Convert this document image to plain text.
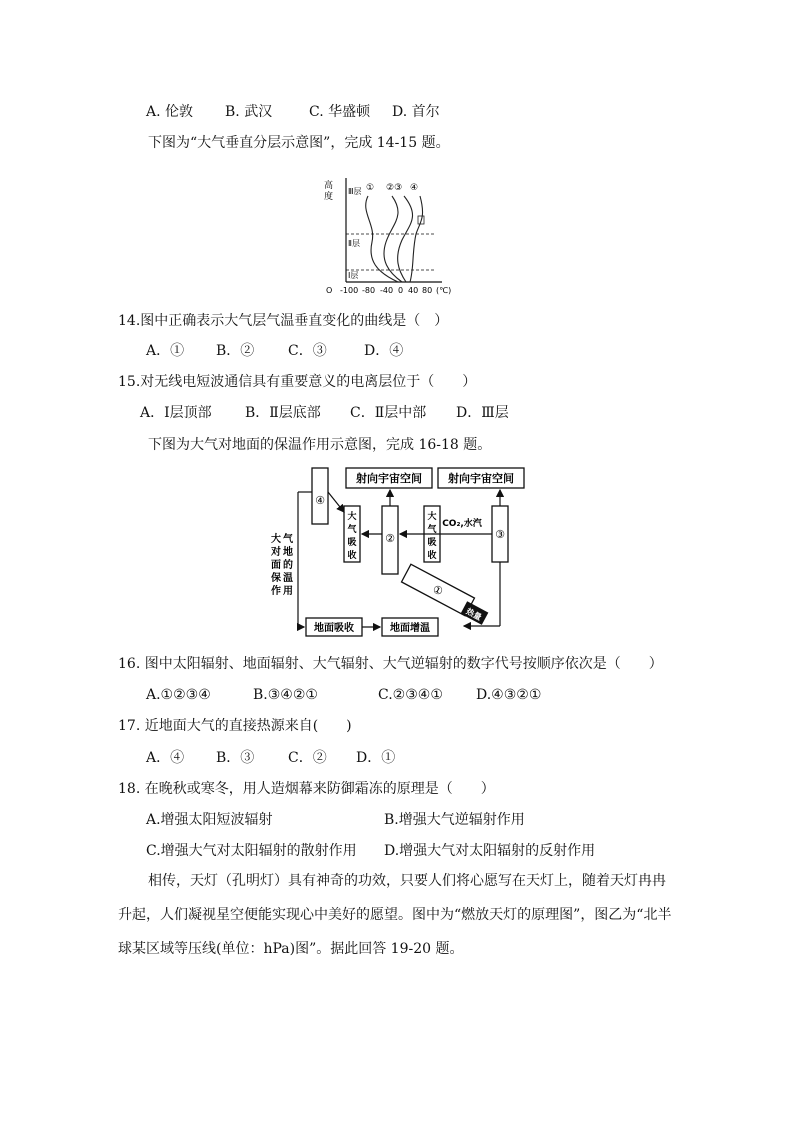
A. 伦敦 B. 武汉	C. 华盛顿 D. 首尔
下图为“大气垂直分层示意图”，完成 14-15 题。
高
度
Ⅲ层
Ⅱ层
Ⅰ层
① ②③ ④
O -100 -80 -40 0 40 80 (℃)
14.图中正确表示大气层气温垂直变化的曲线是（　）
A．① B．② C．③	D．④
15.对无线电短波通信具有重要意义的电离层位于（　　）
A．Ⅰ层顶部 B．Ⅱ层底部 C．Ⅱ层中部 D．Ⅲ层
下图为大气对地面的保温作用示意图，完成 16-18 题。
射向宇宙空间 射向宇宙空间
④
大
气
吸
收
②
大
气
吸
收
③
CO₂,水汽
①
热量
地面吸收	地面增温
大 气
对 地
面 的
保 温
作 用
16. 图中太阳辐射、地面辐射、大气辐射、大气逆辐射的数字代号按顺序依次是（　　）
A.①②③④	B.③④②①	C.②③④① D.④③②①
17. 近地面大气的直接热源来自(　　)
A．④ B．③ C．② D．①
18. 在晚秋或寒冬，用人造烟幕来防御霜冻的原理是（　　）
A.增强太阳短波辐射	B.增强大气逆辐射作用
C.增强大气对太阳辐射的散射作用 D.增强大气对太阳辐射的反射作用
相传，天灯（孔明灯）具有神奇的功效，只要人们将心愿写在天灯上，随着天灯冉冉升起，人们凝视星空便能实现心中美好的愿望。图中为“燃放天灯的原理图”，图乙为“北半球某区域等压线(单位：hPa)图”。据此回答 19-20 题。
